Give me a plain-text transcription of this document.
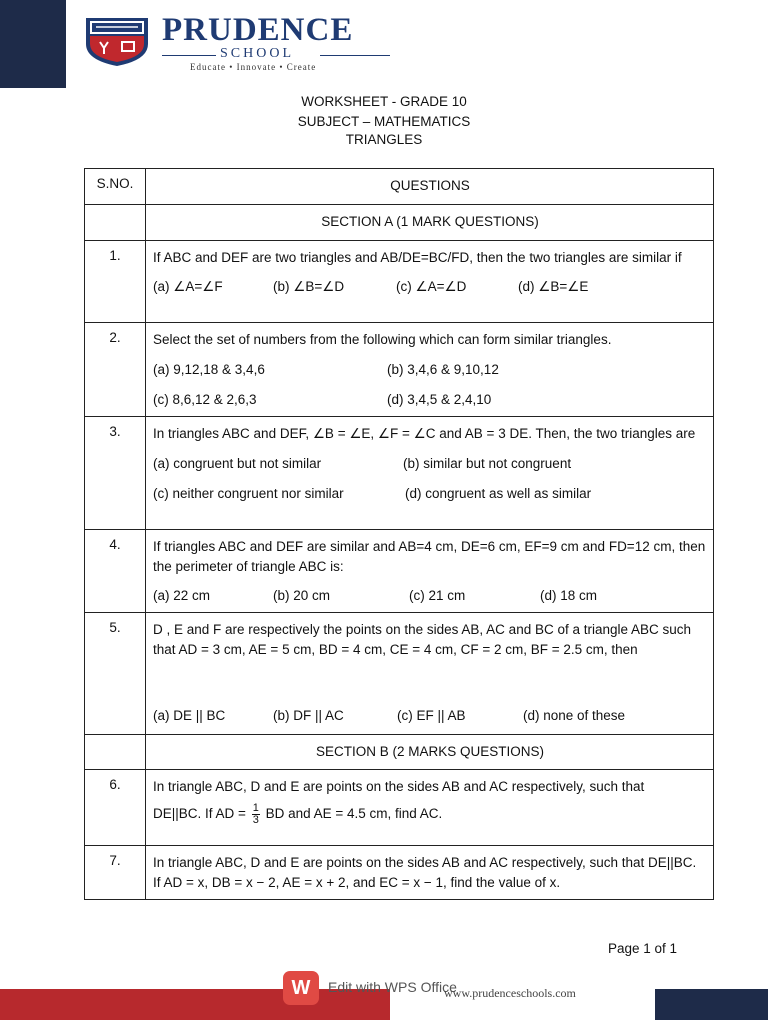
PRUDENCE
SCHOOL
Educate • Innovate • Create
WORKSHEET - GRADE 10
SUBJECT – MATHEMATICS
TRIANGLES
S.NO.	QUESTIONS
	SECTION A (1 MARK QUESTIONS)
1.	If ABC and DEF are two triangles and AB/DE=BC/FD, then the two triangles are similar if
(a) ∠A=∠F (b) ∠B=∠D (c) ∠A=∠D (d) ∠B=∠E

2.	Select the set of numbers from the following which can form similar triangles.
(a) 9,12,18 & 3,4,6 (b) 3,4,6 & 9,10,12
(c) 8,6,12 & 2,6,3 (d) 3,4,5 & 2,4,10

3.	In triangles ABC and DEF, ∠B = ∠E, ∠F = ∠C and AB = 3 DE. Then, the two triangles are
(a) congruent but not similar (b) similar but not congruent
(c) neither congruent nor similar (d) congruent as well as similar

4.	If triangles ABC and DEF are similar and AB=4 cm, DE=6 cm, EF=9 cm and FD=12 cm, then the perimeter of triangle ABC is:
(a) 22 cm (b) 20 cm (c) 21 cm (d) 18 cm

5.	D , E and F are respectively the points on the sides AB, AC and BC of a triangle ABC such that AD = 3 cm, AE = 5 cm, BD = 4 cm, CE = 4 cm, CF = 2 cm, BF = 2.5 cm, then
(a) DE || BC (b) DF || AC (c) EF || AB (d) none of these

	SECTION B (2 MARKS QUESTIONS)
6.	In triangle ABC, D and E are points on the sides AB and AC respectively, such that
DE||BC. If AD = $\frac{1}{3}$ BD and AE = 4.5 cm, find AC.

7.	In triangle ABC, D and E are points on the sides AB and AC respectively, such that DE||BC. If AD = x, DB = x − 2, AE = x + 2, and EC = x − 1, find the value of x.
Page 1 of 1
W	Edit with WPS Office
www.prudenceschools.com
